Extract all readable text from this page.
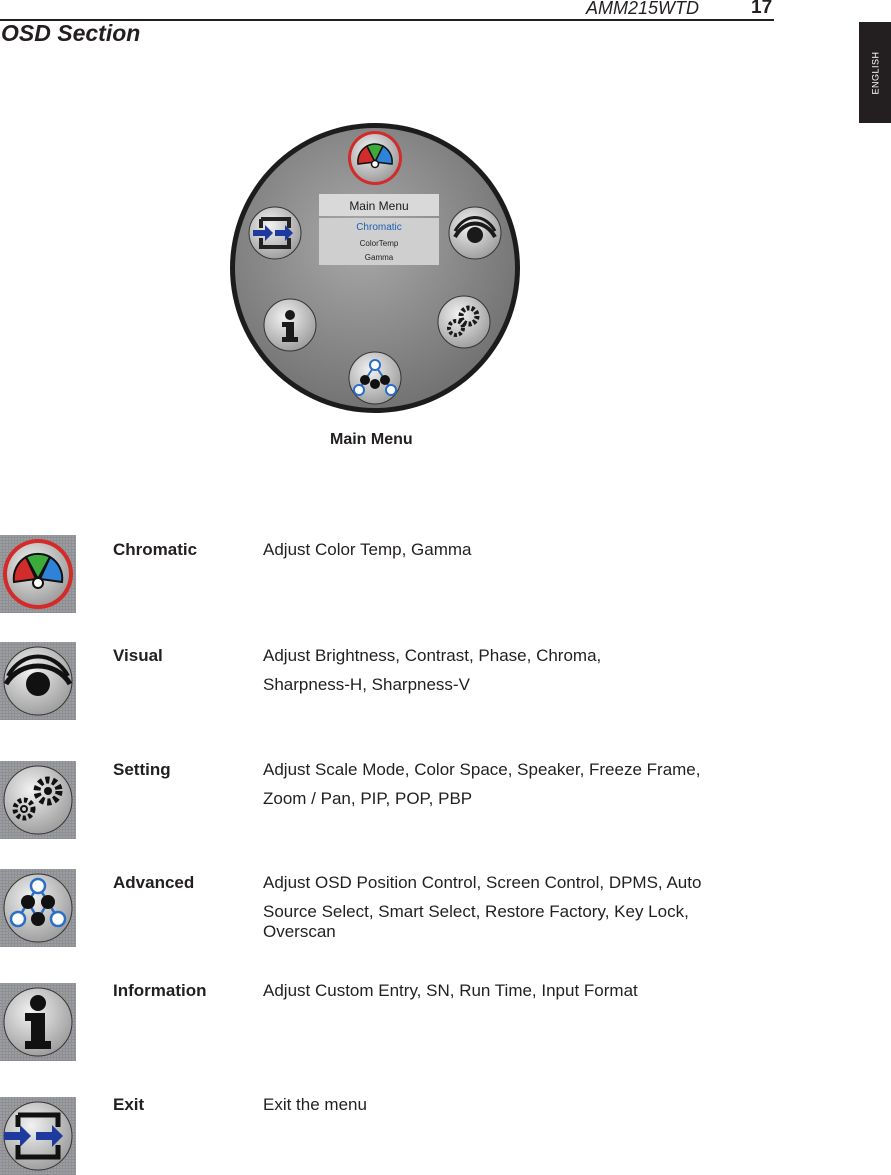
AMM215WTD	17
OSD Section
ENGLISH
Main Menu
Chromatic
ColorTemp
Gamma
Main Menu
Chromatic	Adjust Color Temp, Gamma
Visual	Adjust Brightness, Contrast, Phase, Chroma,
Sharpness-H, Sharpness-V
Setting	Adjust Scale Mode, Color Space, Speaker, Freeze Frame,
Zoom / Pan, PIP, POP, PBP
Advanced	Adjust OSD Position Control, Screen Control, DPMS, Auto
Source Select, Smart Select, Restore Factory, Key Lock, Overscan
Information	Adjust Custom Entry, SN, Run Time, Input Format
Exit	Exit the menu
